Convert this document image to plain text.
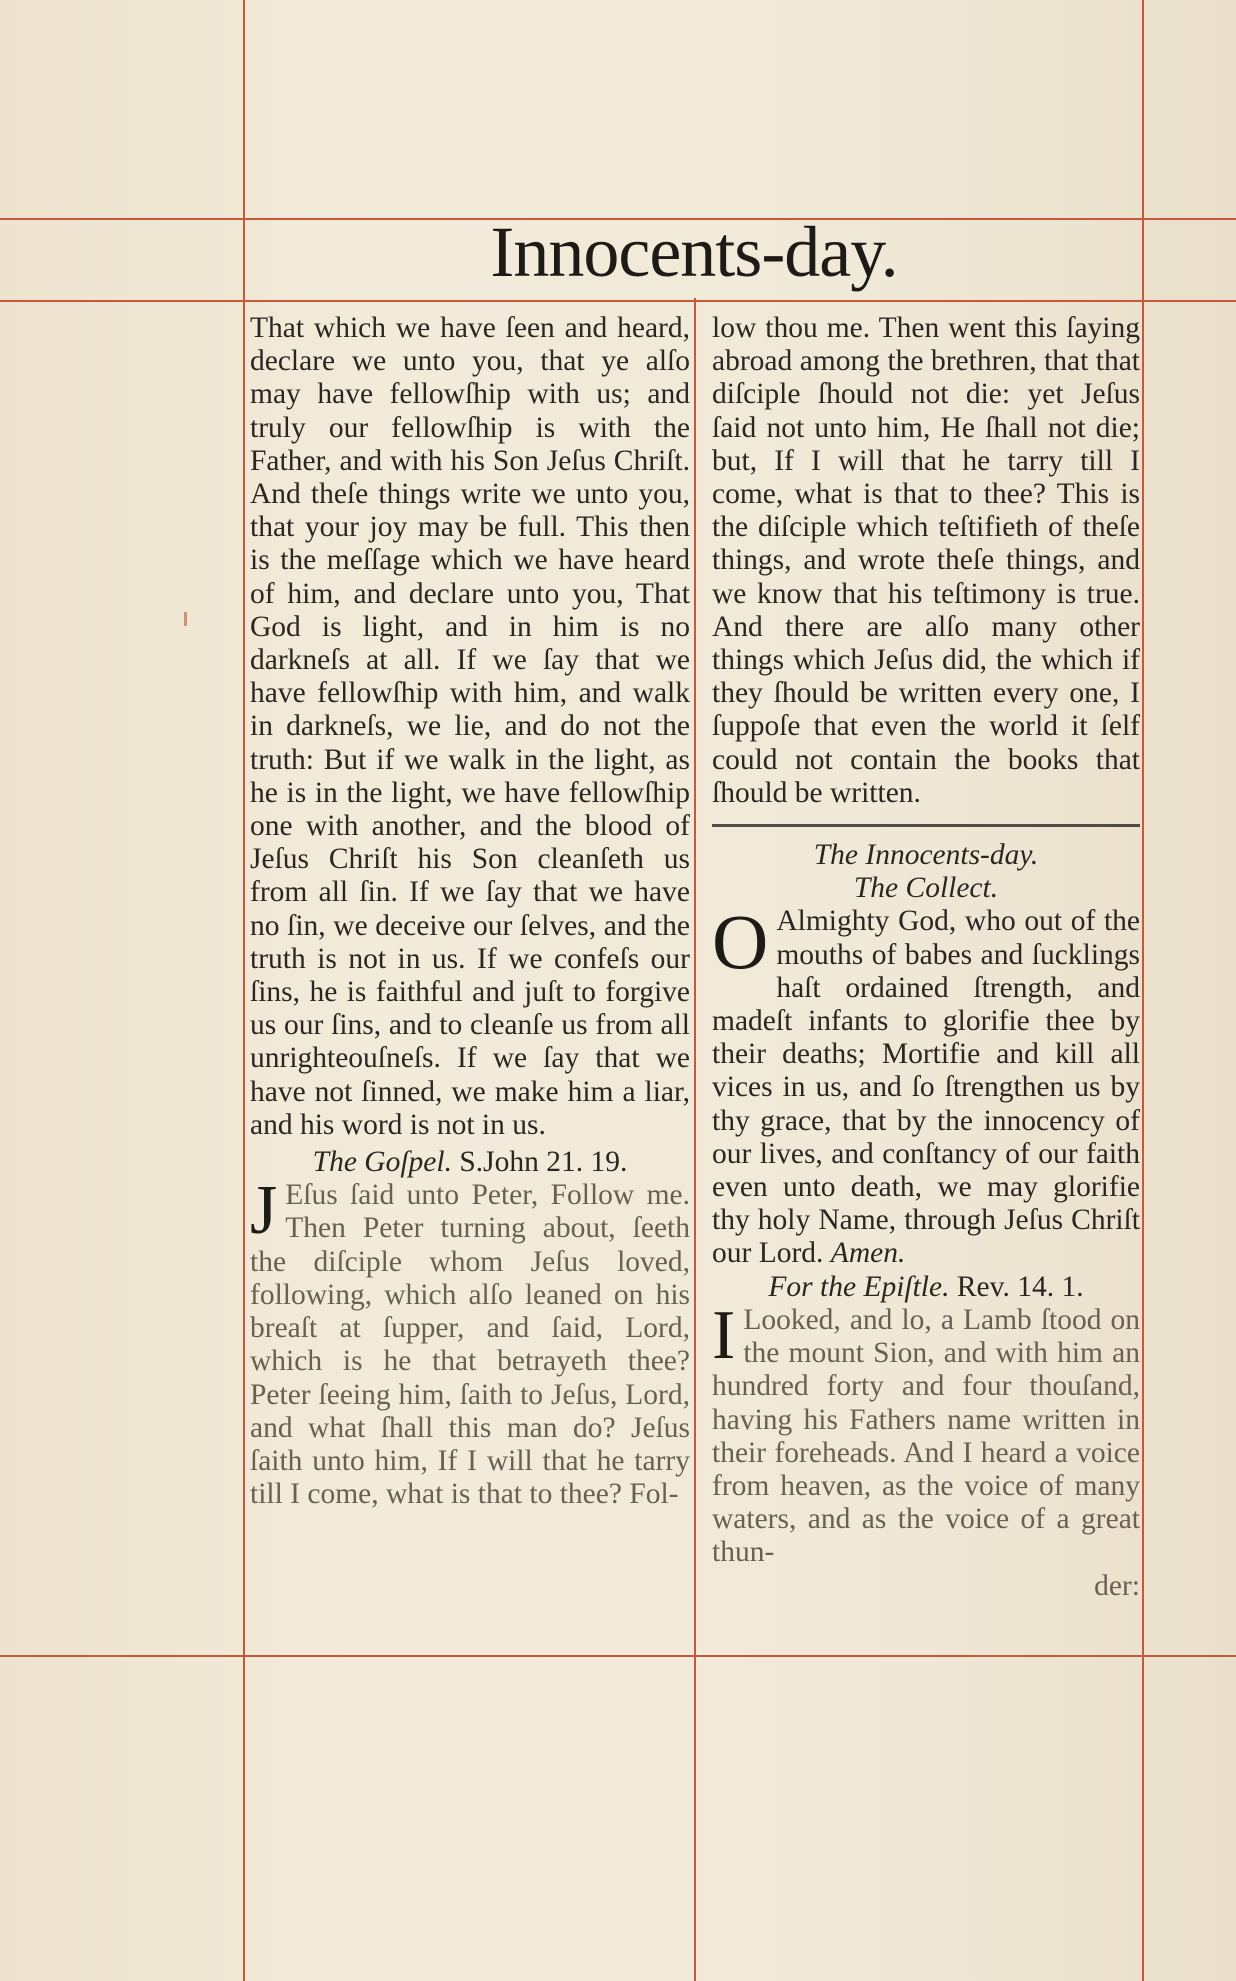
Innocents-day.

That which we have ſeen and heard, declare we unto you, that ye alſo may have fellowſhip with us; and truly our fellowſhip is with the Father, and with his Son Jeſus Chriſt. And theſe things write we unto you, that your joy may be full. This then is the meſſage which we have heard of him, and declare unto you, That God is light, and in him is no darkneſs at all. If we ſay that we have fellowſhip with him, and walk in darkneſs, we lie, and do not the truth: But if we walk in the light, as he is in the light, we have fellowſhip one with another, and the blood of Jeſus Chriſt his Son cleanſeth us from all ſin. If we ſay that we have no ſin, we deceive our ſelves, and the truth is not in us. If we confeſs our ſins, he is faithful and juſt to forgive us our ſins, and to cleanſe us from all unrighteouſneſs. If we ſay that we have not ſinned, we make him a liar, and his word is not in us.

The Goſpel. S.John 21. 19.

J Eſus ſaid unto Peter, Follow me. Then Peter turning about, ſeeth the diſciple whom Jeſus loved, following, which alſo leaned on his breaſt at ſupper, and ſaid, Lord, which is he that betrayeth thee? Peter ſeeing him, ſaith to Jeſus, Lord, and what ſhall this man do? Jeſus ſaith unto him, If I will that he tarry till I come, what is that to thee? Fol-

low thou me. Then went this ſaying abroad among the brethren, that that diſciple ſhould not die: yet Jeſus ſaid not unto him, He ſhall not die; but, If I will that he tarry till I come, what is that to thee? This is the diſciple which teſtifieth of theſe things, and wrote theſe things, and we know that his teſtimony is true. And there are alſo many other things which Jeſus did, the which if they ſhould be written every one, I ſuppoſe that even the world it ſelf could not contain the books that ſhould be written.

The Innocents-day.

The Collect.

O Almighty God, who out of the mouths of babes and ſucklings haſt ordained ſtrength, and madeſt infants to glorifie thee by their deaths; Mortifie and kill all vices in us, and ſo ſtrengthen us by thy grace, that by the innocency of our lives, and conſtancy of our faith even unto death, we may glorifie thy holy Name, through Jeſus Chriſt our Lord. Amen.

For the Epiſtle. Rev. 14. 1.

I Looked, and lo, a Lamb ſtood on the mount Sion, and with him an hundred forty and four thouſand, having his Fathers name written in their foreheads. And I heard a voice from heaven, as the voice of many waters, and as the voice of a great thun-

der:
